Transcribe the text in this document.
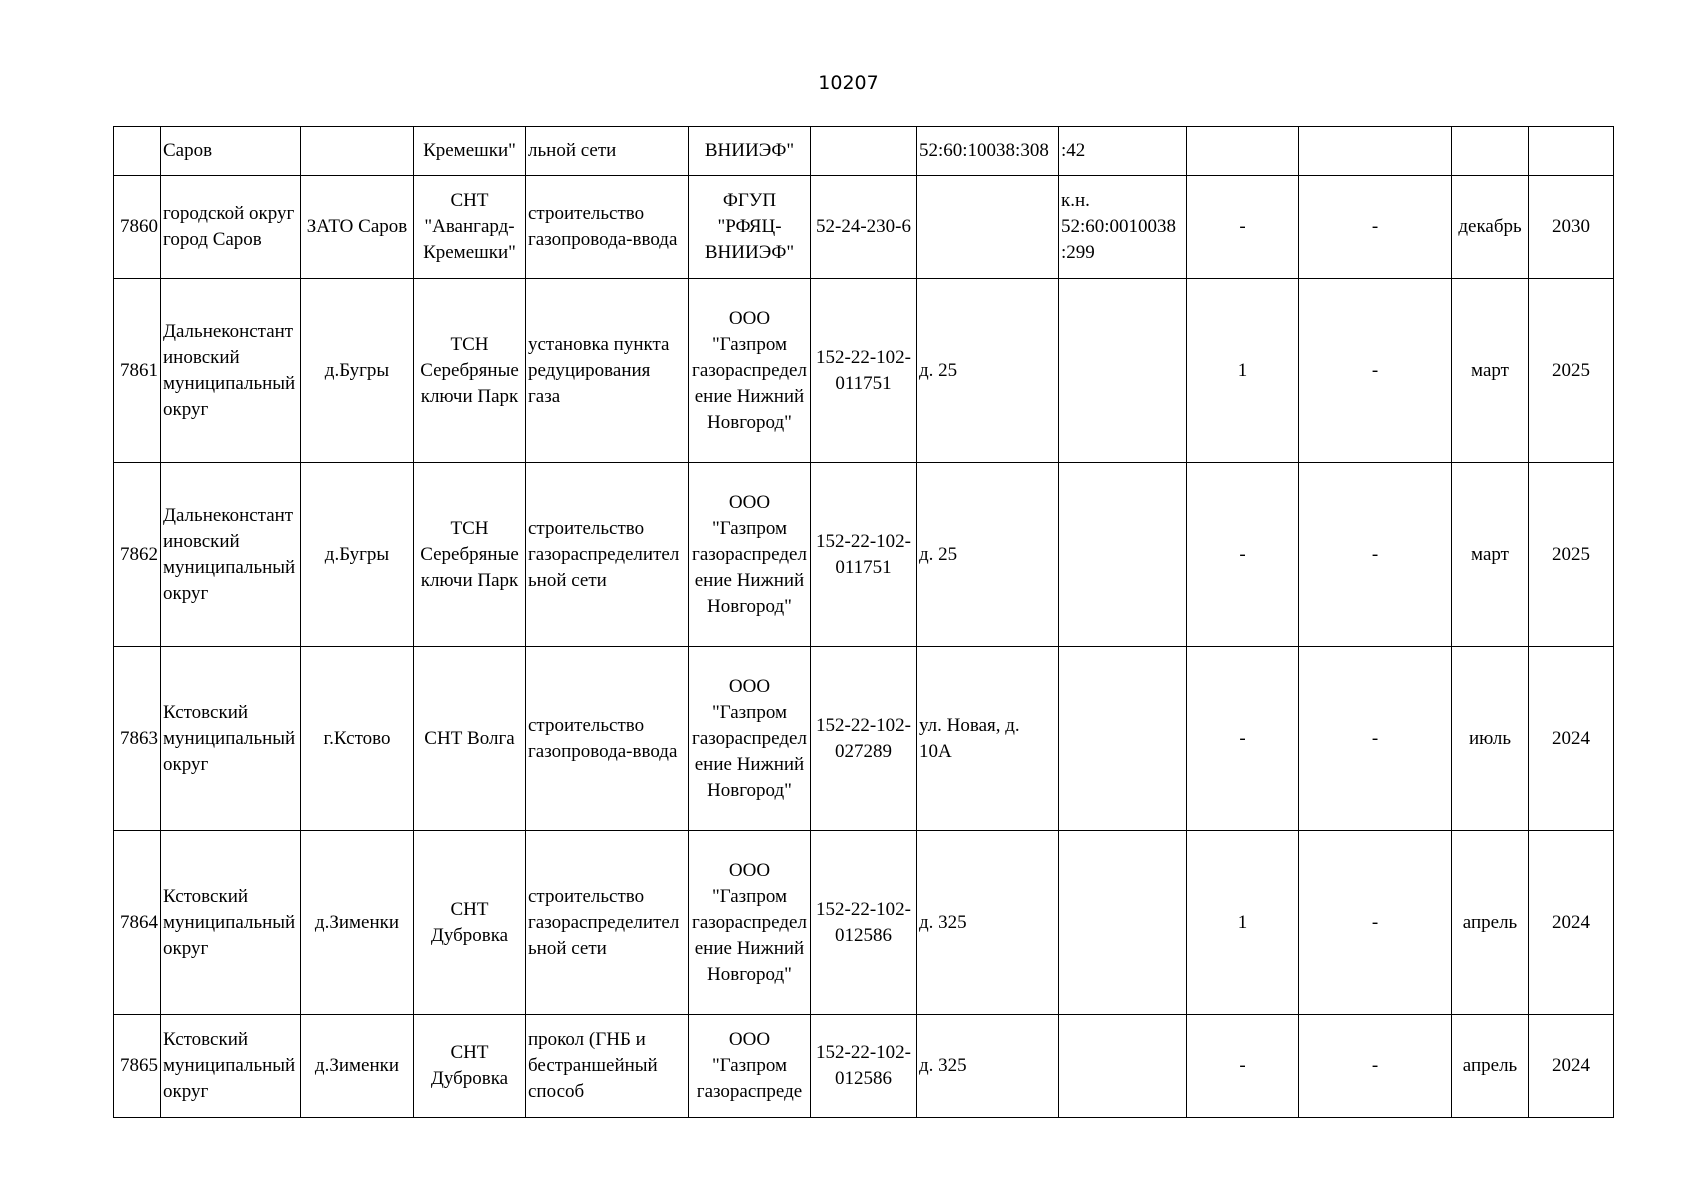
10207
	Саров		Кремешки"	льной сети	ВНИИЭФ"		52:60:10038:308	:42				
7860	городской округ город Саров	ЗАТО Саров	СНТ "Авангард-Кремешки"	строительство газопровода-ввода	ФГУП "РФЯЦ-ВНИИЭФ"	52-24-230-6		к.н. 52:60:0010038 :299	-	-	декабрь	2030
7861	Дальнеконстантиновский муниципальный округ	д.Бугры	ТСН Серебряные ключи Парк	установка пункта редуцирования газа	ООО "Газпром газораспределение Нижний Новгород"	152-22-102-011751	д. 25		1	-	март	2025
7862	Дальнеконстантиновский муниципальный округ	д.Бугры	ТСН Серебряные ключи Парк	строительство газораспределительной сети	ООО "Газпром газораспределение Нижний Новгород"	152-22-102-011751	д. 25		-	-	март	2025
7863	Кстовский муниципальный округ	г.Кстово	СНТ Волга	строительство газопровода-ввода	ООО "Газпром газораспределение Нижний Новгород"	152-22-102-027289	ул. Новая, д. 10А		-	-	июль	2024
7864	Кстовский муниципальный округ	д.Зименки	СНТ Дубровка	строительство газораспределительной сети	ООО "Газпром газораспределение Нижний Новгород"	152-22-102-012586	д. 325		1	-	апрель	2024
7865	Кстовский муниципальный округ	д.Зименки	СНТ Дубровка	прокол (ГНБ и бестраншейный способ	ООО "Газпром газораспреде	152-22-102-012586	д. 325		-	-	апрель	2024
